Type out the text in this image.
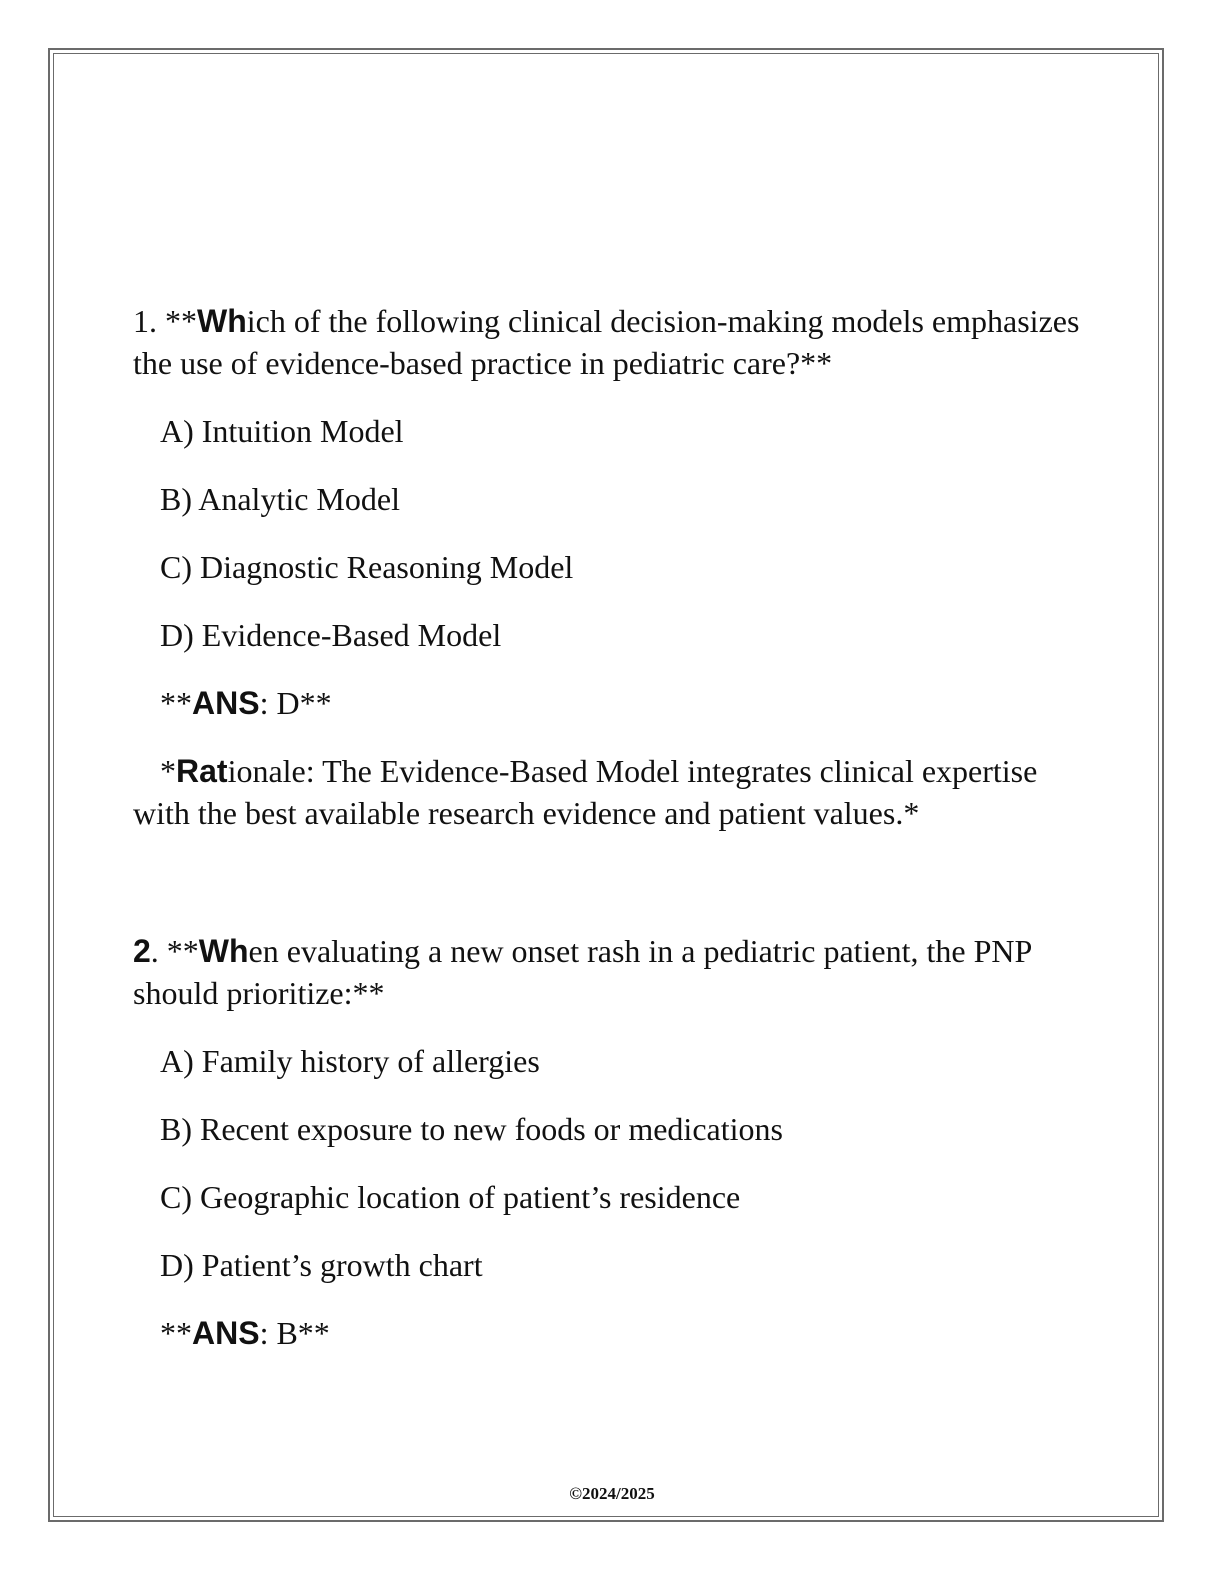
1. **Which of the following clinical decision-making models emphasizes the use of evidence-based practice in pediatric care?**

A) Intuition Model

B) Analytic Model

C) Diagnostic Reasoning Model

D) Evidence-Based Model

**ANS: D**

*Rationale: The Evidence-Based Model integrates clinical expertise with the best available research evidence and patient values.*

2. **When evaluating a new onset rash in a pediatric patient, the PNP should prioritize:**

A) Family history of allergies

B) Recent exposure to new foods or medications

C) Geographic location of patient’s residence

D) Patient’s growth chart

**ANS: B**

©2024/2025
